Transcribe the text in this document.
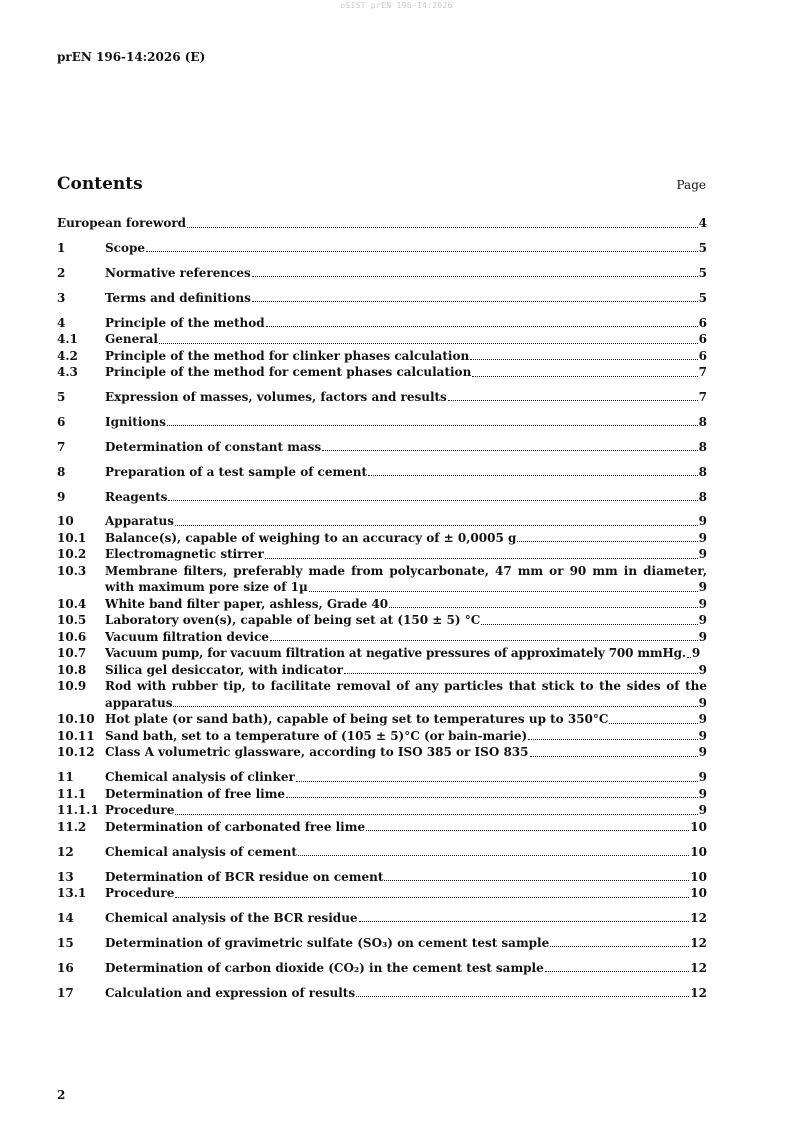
oSIST prEN 196-14:2026
prEN 196-14:2026 (E)
Contents	Page
European foreword	4
1	Scope	5
2	Normative references	5
3	Terms and definitions	5
4	Principle of the method	6
4.1	General	6
4.2	Principle of the method for clinker phases calculation	6
4.3	Principle of the method for cement phases calculation	7
5	Expression of masses, volumes, factors and results	7
6	Ignitions	8
7	Determination of constant mass	8
8	Preparation of a test sample of cement	8
9	Reagents	8
10	Apparatus	9
10.1	Balance(s), capable of weighing to an accuracy of ± 0,0005 g	9
10.2	Electromagnetic stirrer	9
10.3	Membrane filters, preferably made from polycarbonate, 47 mm or 90 mm in diameter,
with maximum pore size of 1µ	9
10.4	White band filter paper, ashless, Grade 40	9
10.5	Laboratory oven(s), capable of being set at (150 ± 5) °C	9
10.6	Vacuum filtration device	9
10.7	Vacuum pump, for vacuum filtration at negative pressures of approximately 700 mmHg. 9
10.8	Silica gel desiccator, with indicator	9
10.9	Rod with rubber tip, to facilitate removal of any particles that stick to the sides of the
apparatus	9
10.10 Hot plate (or sand bath), capable of being set to temperatures up to 350°C	9
10.11 Sand bath, set to a temperature of (105 ± 5)°C (or bain-marie)	9
10.12 Class A volumetric glassware, according to ISO 385 or ISO 835	9
11	Chemical analysis of clinker	9
11.1	Determination of free lime	9
11.1.1 Procedure	9
11.2	Determination of carbonated free lime	10
12	Chemical analysis of cement	10
13	Determination of BCR residue on cement	10
13.1	Procedure	10
14	Chemical analysis of the BCR residue	12
15	Determination of gravimetric sulfate (SO₃) on cement test sample	12
16	Determination of carbon dioxide (CO₂) in the cement test sample	12
17	Calculation and expression of results	12
2
